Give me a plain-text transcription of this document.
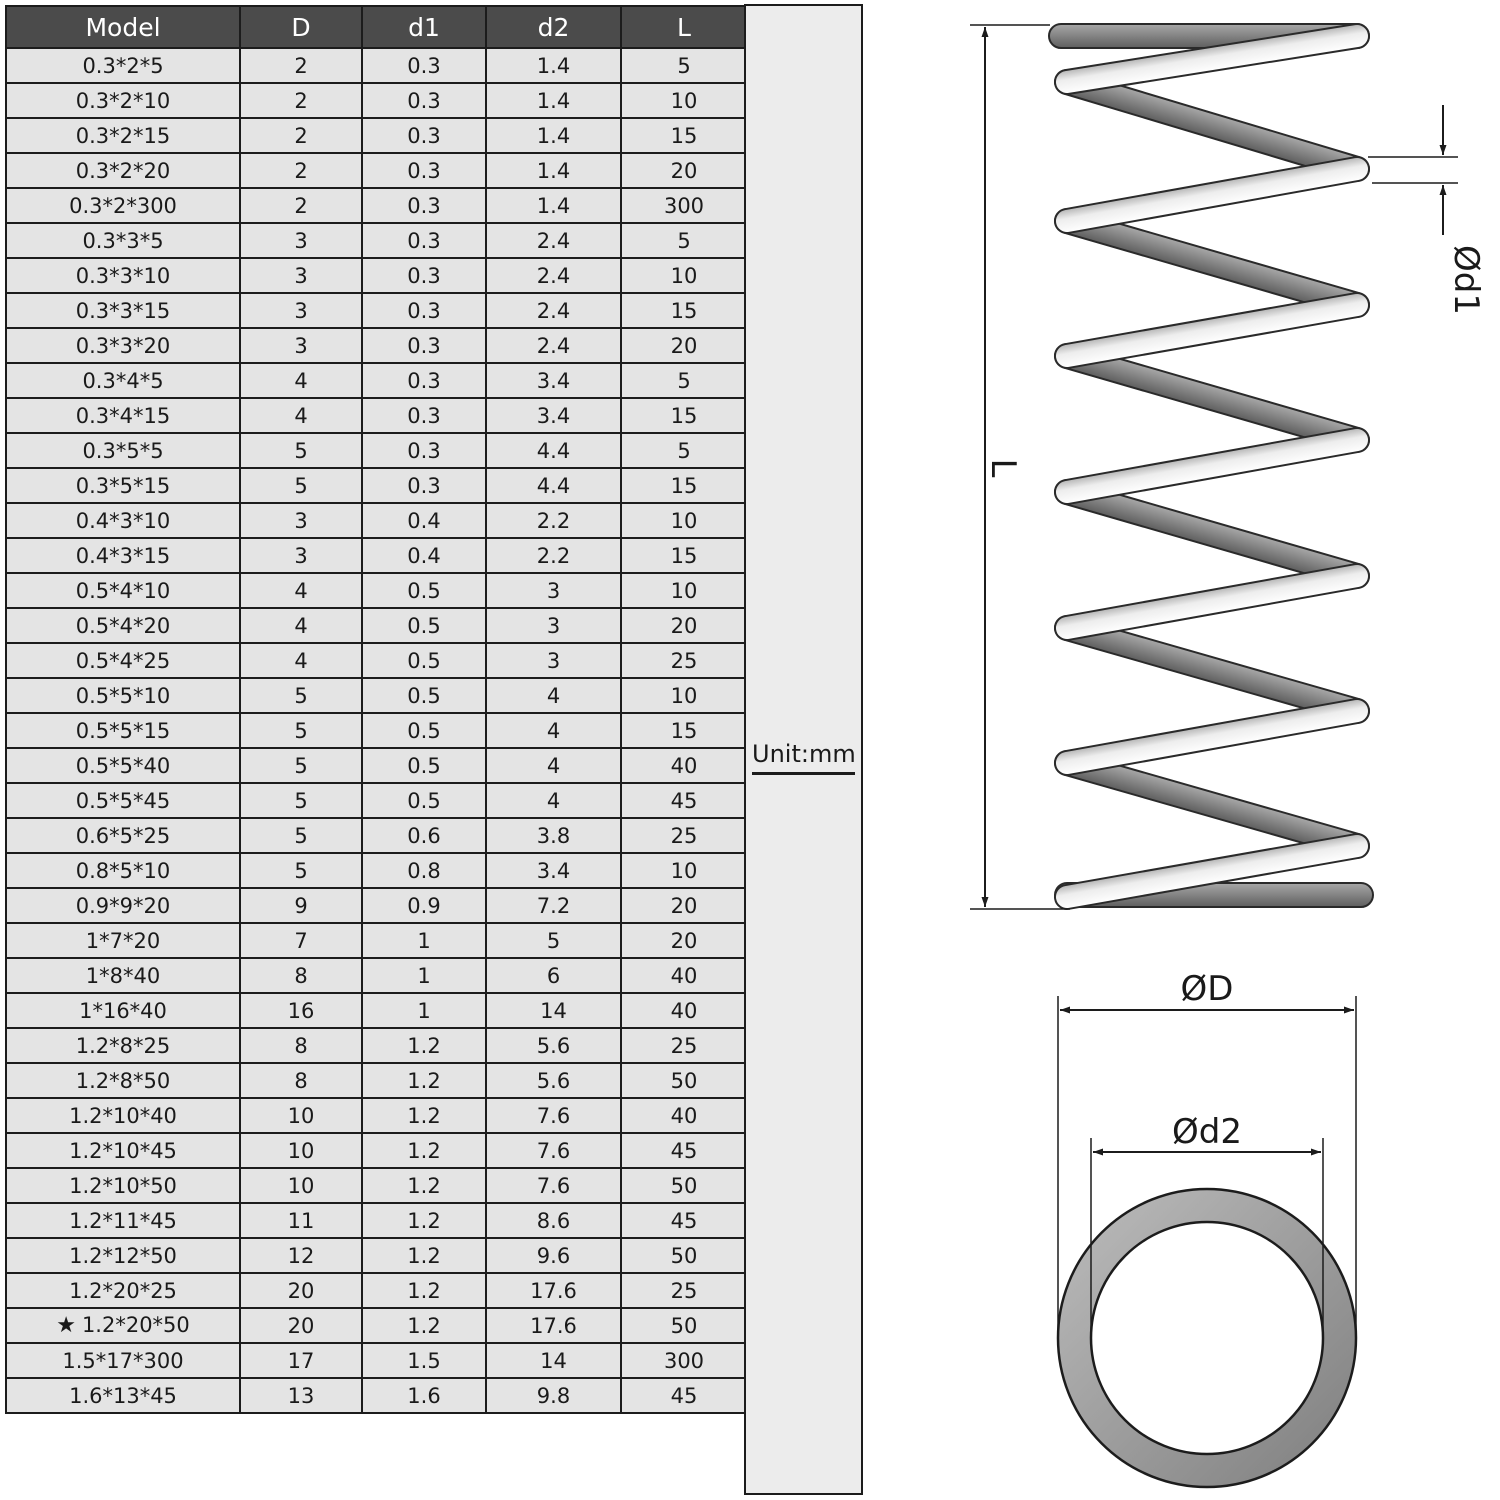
Model	D	d1	d2	L
0.3*2*5	2	0.3	1.4	5
0.3*2*10	2	0.3	1.4	10
0.3*2*15	2	0.3	1.4	15
0.3*2*20	2	0.3	1.4	20
0.3*2*300	2	0.3	1.4	300
0.3*3*5	3	0.3	2.4	5
0.3*3*10	3	0.3	2.4	10
0.3*3*15	3	0.3	2.4	15
0.3*3*20	3	0.3	2.4	20
0.3*4*5	4	0.3	3.4	5
0.3*4*15	4	0.3	3.4	15
0.3*5*5	5	0.3	4.4	5
0.3*5*15	5	0.3	4.4	15
0.4*3*10	3	0.4	2.2	10
0.4*3*15	3	0.4	2.2	15
0.5*4*10	4	0.5	3	10
0.5*4*20	4	0.5	3	20
0.5*4*25	4	0.5	3	25
0.5*5*10	5	0.5	4	10
0.5*5*15	5	0.5	4	15
0.5*5*40	5	0.5	4	40
0.5*5*45	5	0.5	4	45
0.6*5*25	5	0.6	3.8	25
0.8*5*10	5	0.8	3.4	10
0.9*9*20	9	0.9	7.2	20
1*7*20	7	1	5	20
1*8*40	8	1	6	40
1*16*40	16	1	14	40
1.2*8*25	8	1.2	5.6	25
1.2*8*50	8	1.2	5.6	50
1.2*10*40	10	1.2	7.6	40
1.2*10*45	10	1.2	7.6	45
1.2*10*50	10	1.2	7.6	50
1.2*11*45	11	1.2	8.6	45
1.2*12*50	12	1.2	9.6	50
1.2*20*25	20	1.2	17.6	25
★ 1.2*20*50	20	1.2	17.6	50
1.5*17*300	17	1.5	14	300
1.6*13*45	13	1.6	9.8	45
Unit:mm
L
Ød1
ØD
Ød2
